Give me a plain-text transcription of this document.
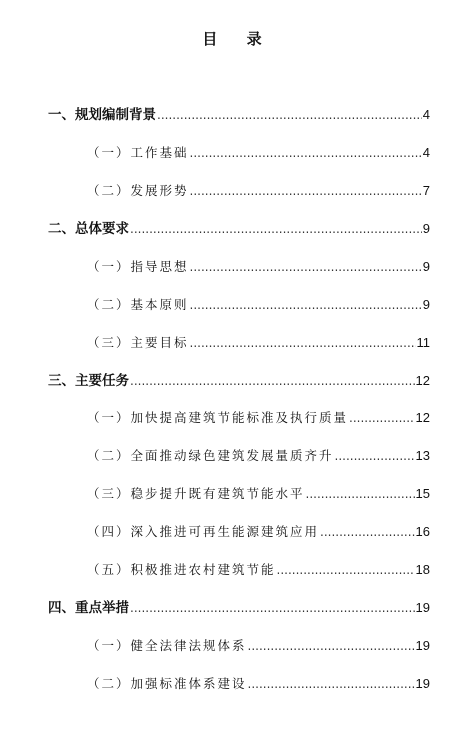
目 录
一、规划编制背景 .....	4
（一）工作基础 .....	4
（二）发展形势 .....	7
二、总体要求 .....	9
（一）指导思想 .....	9
（二）基本原则 .....	9
（三）主要目标 .....	11
三、主要任务 .....	12
（一）加快提高建筑节能标准及执行质量 .....	12
（二）全面推动绿色建筑发展量质齐升 .....	13
（三）稳步提升既有建筑节能水平 .....	15
（四）深入推进可再生能源建筑应用 .....	16
（五）积极推进农村建筑节能 .....	18
四、重点举措 .....	19
（一）健全法律法规体系 .....	19
（二）加强标准体系建设 .....	19
